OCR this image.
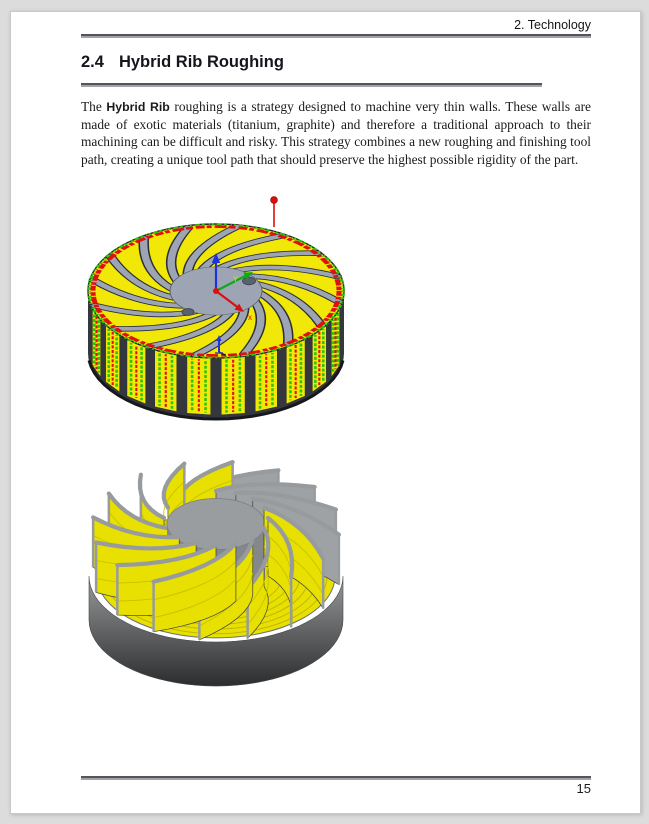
2. Technology
2.4 Hybrid Rib Roughing

The Hybrid Rib roughing is a strategy designed to machine very thin walls. These walls are made of exotic materials (titanium, graphite) and therefore a traditional approach to their machining can be difficult and risky. This strategy combines a new roughing and finishing tool path, creating a unique tool path that should preserve the highest possible rigidity of the part.

x
Y
15
